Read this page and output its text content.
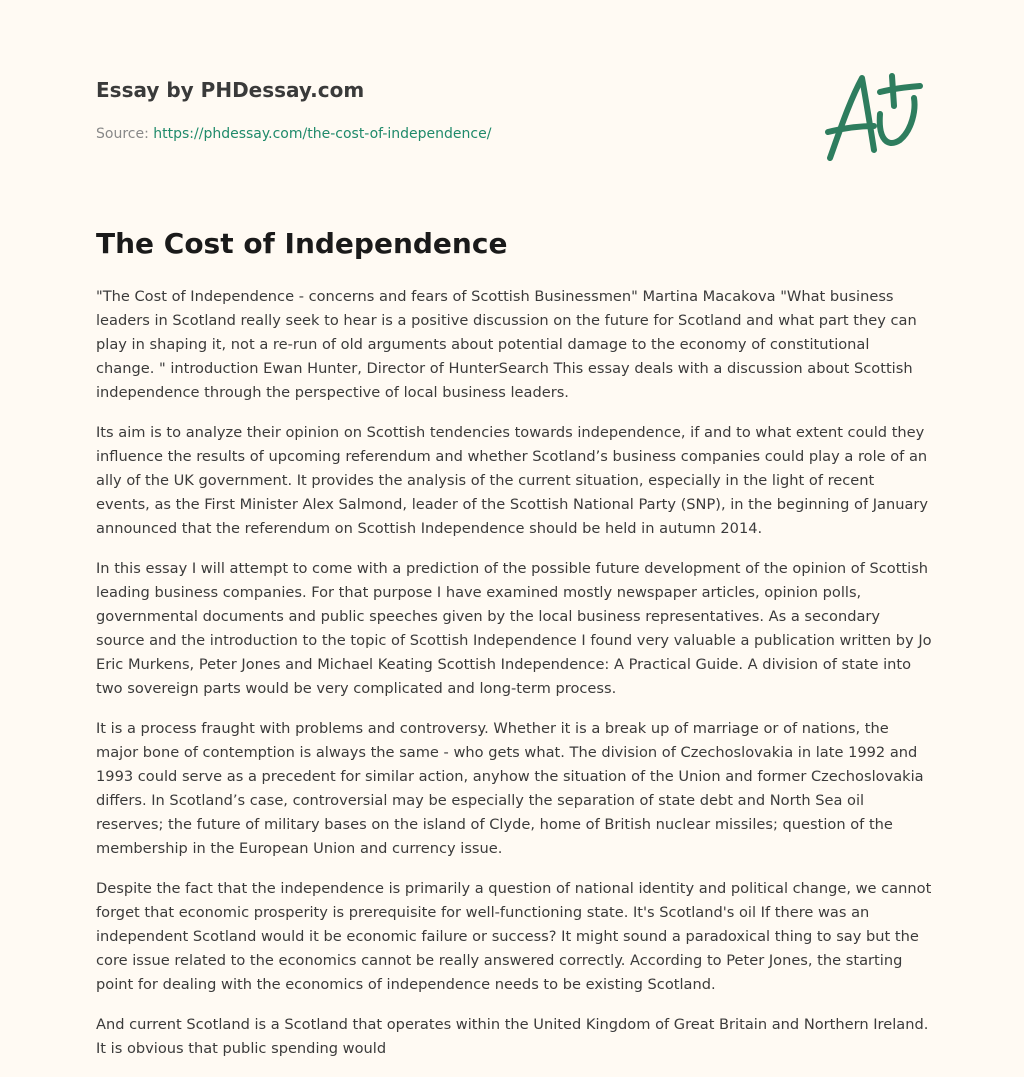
Essay by PHDessay.com
Source: https://phdessay.com/the-cost-of-independence/
The Cost of Independence

"The Cost of Independence - concerns and fears of Scottish Businessmen" Martina Macakova "What business leaders in Scotland really seek to hear is a positive discussion on the future for Scotland and what part they can play in shaping it, not a re-run of old arguments about potential damage to the economy of constitutional change. " introduction Ewan Hunter, Director of HunterSearch This essay deals with a discussion about Scottish independence through the perspective of local business leaders.

Its aim is to analyze their opinion on Scottish tendencies towards independence, if and to what extent could they influence the results of upcoming referendum and whether Scotland’s business companies could play a role of an ally of the UK government. It provides the analysis of the current situation, especially in the light of recent events, as the First Minister Alex Salmond, leader of the Scottish National Party (SNP), in the beginning of January announced that the referendum on Scottish Independence should be held in autumn 2014.

In this essay I will attempt to come with a prediction of the possible future development of the opinion of Scottish leading business companies. For that purpose I have examined mostly newspaper articles, opinion polls, governmental documents and public speeches given by the local business representatives. As a secondary source and the introduction to the topic of Scottish Independence I found very valuable a publication written by Jo Eric Murkens, Peter Jones and Michael Keating Scottish Independence: A Practical Guide. A division of state into two sovereign parts would be very complicated and long-term process.

It is a process fraught with problems and controversy. Whether it is a break up of marriage or of nations, the major bone of contemption is always the same - who gets what. The division of Czechoslovakia in late 1992 and 1993 could serve as a precedent for similar action, anyhow the situation of the Union and former Czechoslovakia differs. In Scotland’s case, controversial may be especially the separation of state debt and North Sea oil reserves; the future of military bases on the island of Clyde, home of British nuclear missiles; question of the membership in the European Union and currency issue.

Despite the fact that the independence is primarily a question of national identity and political change, we cannot forget that economic prosperity is prerequisite for well-functioning state. It's Scotland's oil If there was an independent Scotland would it be economic failure or success? It might sound a paradoxical thing to say but the core issue related to the economics cannot be really answered correctly. According to Peter Jones, the starting point for dealing with the economics of independence needs to be existing Scotland.

And current Scotland is a Scotland that operates within the United Kingdom of Great Britain and Northern Ireland. It is obvious that public spending would
